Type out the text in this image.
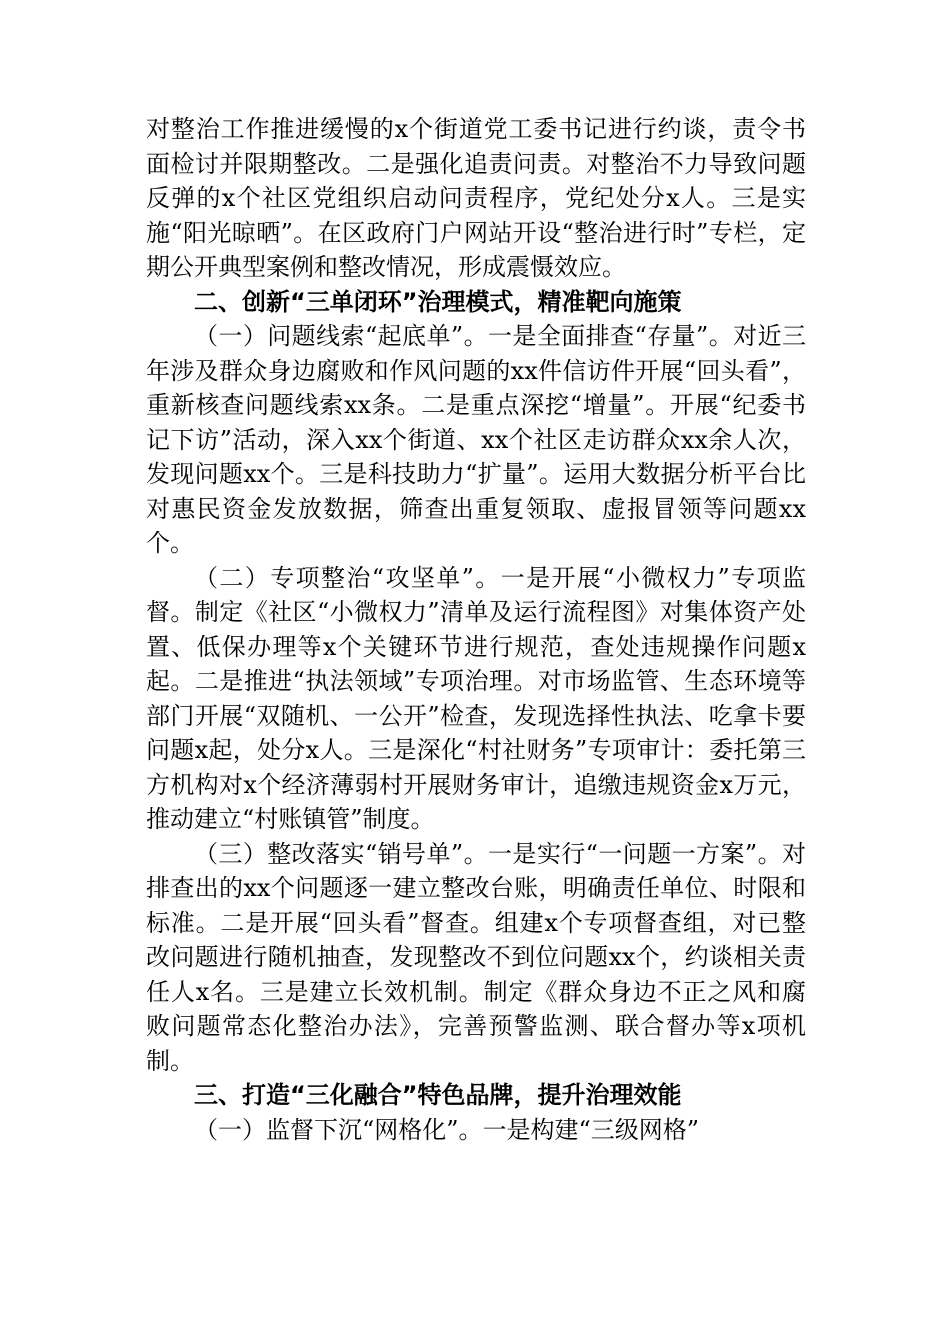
对整治工作推进缓慢的x个街道党工委书记进行约谈，责令书面检讨并限期整改。二是强化追责问责。对整治不力导致问题反弹的x个社区党组织启动问责程序，党纪处分x人。三是实施“阳光晾晒”。在区政府门户网站开设“整治进行时”专栏，定期公开典型案例和整改情况，形成震慑效应。

二、创新“三单闭环”治理模式，精准靶向施策

（一）问题线索“起底单”。一是全面排查“存量”。对近三年涉及群众身边腐败和作风问题的xx件信访件开展“回头看”，重新核查问题线索xx条。二是重点深挖“增量”。开展“纪委书记下访”活动，深入xx个街道、xx个社区走访群众xx余人次，发现问题xx个。三是科技助力“扩量”。运用大数据分析平台比对惠民资金发放数据，筛查出重复领取、虚报冒领等问题xx个。

（二）专项整治“攻坚单”。一是开展“小微权力”专项监督。制定《社区“小微权力”清单及运行流程图》对集体资产处置、低保办理等x个关键环节进行规范，查处违规操作问题x起。二是推进“执法领域”专项治理。对市场监管、生态环境等部门开展“双随机、一公开”检查，发现选择性执法、吃拿卡要问题x起，处分x人。三是深化“村社财务”专项审计：委托第三方机构对x个经济薄弱村开展财务审计，追缴违规资金x万元，推动建立“村账镇管”制度。

（三）整改落实“销号单”。一是实行“一问题一方案”。对排查出的xx个问题逐一建立整改台账，明确责任单位、时限和标准。二是开展“回头看”督查。组建x个专项督查组，对已整改问题进行随机抽查，发现整改不到位问题xx个，约谈相关责任人x名。三是建立长效机制。制定《群众身边不正之风和腐败问题常态化整治办法》，完善预警监测、联合督办等x项机制。

三、打造“三化融合”特色品牌，提升治理效能

（一）监督下沉“网格化”。一是构建“三级网格”
